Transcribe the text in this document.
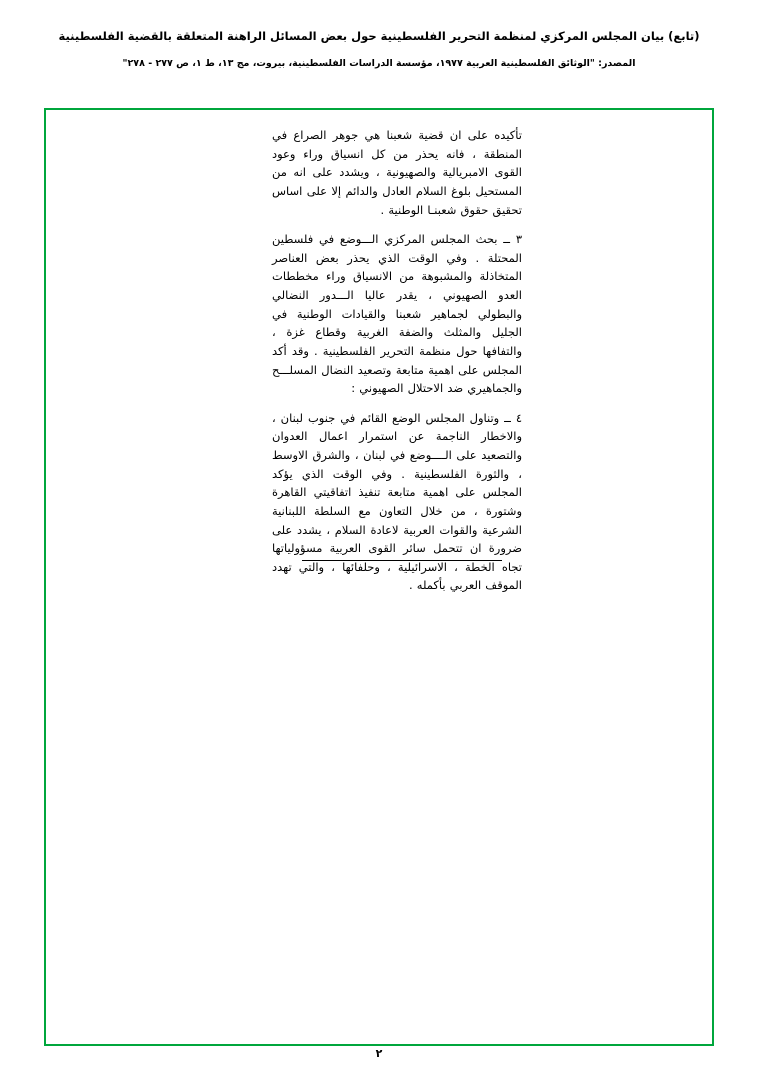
(تابع) بيان المجلس المركزي لمنظمة التحرير الفلسطينية حول بعض المسائل الراهنة المتعلقة بالقضية الفلسطينية
المصدر: "الوثائق الفلسطينية العربية ١٩٧٧، مؤسسة الدراسات الفلسطينية، بيروت، مج ١٣، ط ١، ص ٢٧٧ - ٢٧٨"

تأكيده على ان قضية شعبنا هي جوهر الصراع في المنطقة ، فانه يحذر من كل انسياق وراء وعود القوى الامبريالية والصهيونية ، ويشدد على انه من المستحيل بلوغ السلام العادل والدائم إلا على اساس تحقيق حقوق شعبنـا الوطنية .

٣ ــ بحث المجلس المركزي الـــوضع في فلسطين المحتلة . وفي الوقت الذي يحذر بعض العناصر المتخاذلة والمشبوهة من الانسياق وراء مخططات العدو الصهيوني ، يقدر عاليا الـــدور النضالي والبطولي لجماهير شعبنا والقيادات الوطنية في الجليل والمثلث والضفة الغربية وقطاع غزة ، والتفافها حول منظمة التحرير الفلسطينية . وقد أكد المجلس على اهمية متابعة وتصعيد النضال المسلـــح والجماهيري ضد الاحتلال الصهيوني :

٤ ــ وتناول المجلس الوضع القائم في جنوب لبنان ، والاخطار الناجمة عن استمرار اعمال العدوان والتصعيد على الــــوضع في لبنان ، والشرق الاوسط ، والثورة الفلسطينية . وفي الوقت الذي يؤكد المجلس على اهمية متابعة تنفيذ اتفاقيتي القاهرة وشتورة ، من خلال التعاون مع السلطة اللبنانية الشرعية والقوات العربية لاعادة السلام ، يشدد على ضرورة ان تتحمل سائر القوى العربية مسؤولياتها تجاه الخطة ، الاسرائيلية ، وحلفائها ، والتي تهدد الموقف العربي بأكمله .

٢
